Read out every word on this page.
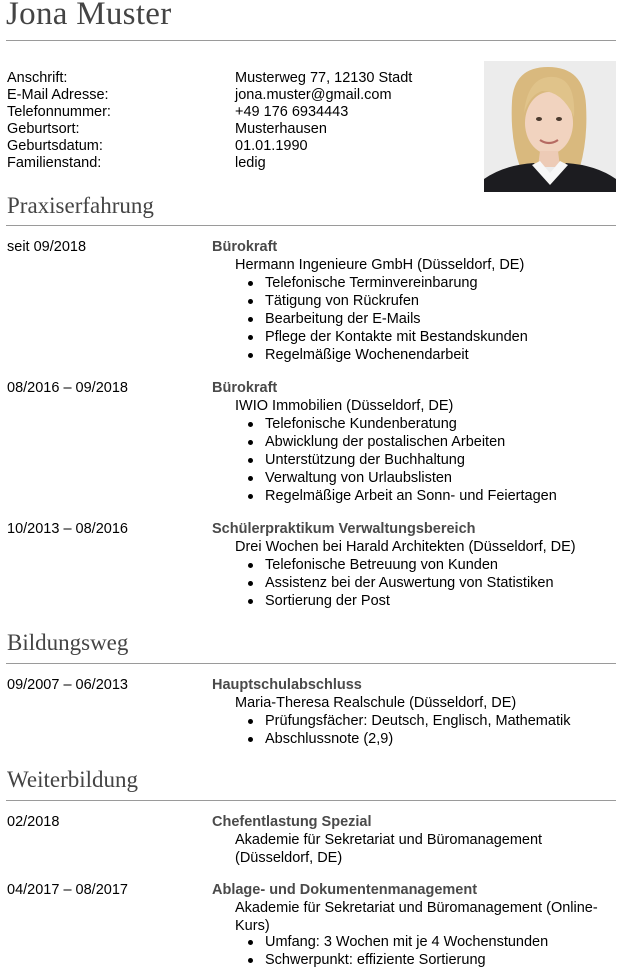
Jona Muster
Anschrift:	Musterweg 77, 12130 Stadt
E-Mail Adresse:	jona.muster@gmail.com
Telefonnummer:	+49 176 6934443
Geburtsort:	Musterhausen
Geburtsdatum:	01.01.1990
Familienstand:	ledig
Praxiserfahrung
seit 09/2018	Bürokraft
Hermann Ingenieure GmbH (Düsseldorf, DE)
Telefonische Terminvereinbarung
Tätigung von Rückrufen
Bearbeitung der E-Mails
Pflege der Kontakte mit Bestandskunden
Regelmäßige Wochenendarbeit
08/2016 – 09/2018	Bürokraft
IWIO Immobilien (Düsseldorf, DE)
Telefonische Kundenberatung
Abwicklung der postalischen Arbeiten
Unterstützung der Buchhaltung
Verwaltung von Urlaubslisten
Regelmäßige Arbeit an Sonn- und Feiertagen
10/2013 – 08/2016	Schülerpraktikum Verwaltungsbereich
Drei Wochen bei Harald Architekten (Düsseldorf, DE)
Telefonische Betreuung von Kunden
Assistenz bei der Auswertung von Statistiken
Sortierung der Post
Bildungsweg
09/2007 – 06/2013	Hauptschulabschluss
Maria-Theresa Realschule (Düsseldorf, DE)
Prüfungsfächer: Deutsch, Englisch, Mathematik
Abschlussnote (2,9)
Weiterbildung
02/2018	Chefentlastung Spezial
Akademie für Sekretariat und Büromanagement (Düsseldorf, DE)
04/2017 – 08/2017	Ablage- und Dokumentenmanagement
Akademie für Sekretariat und Büromanagement (Online-Kurs)
Umfang: 3 Wochen mit je 4 Wochenstunden
Schwerpunkt: effiziente Sortierung
